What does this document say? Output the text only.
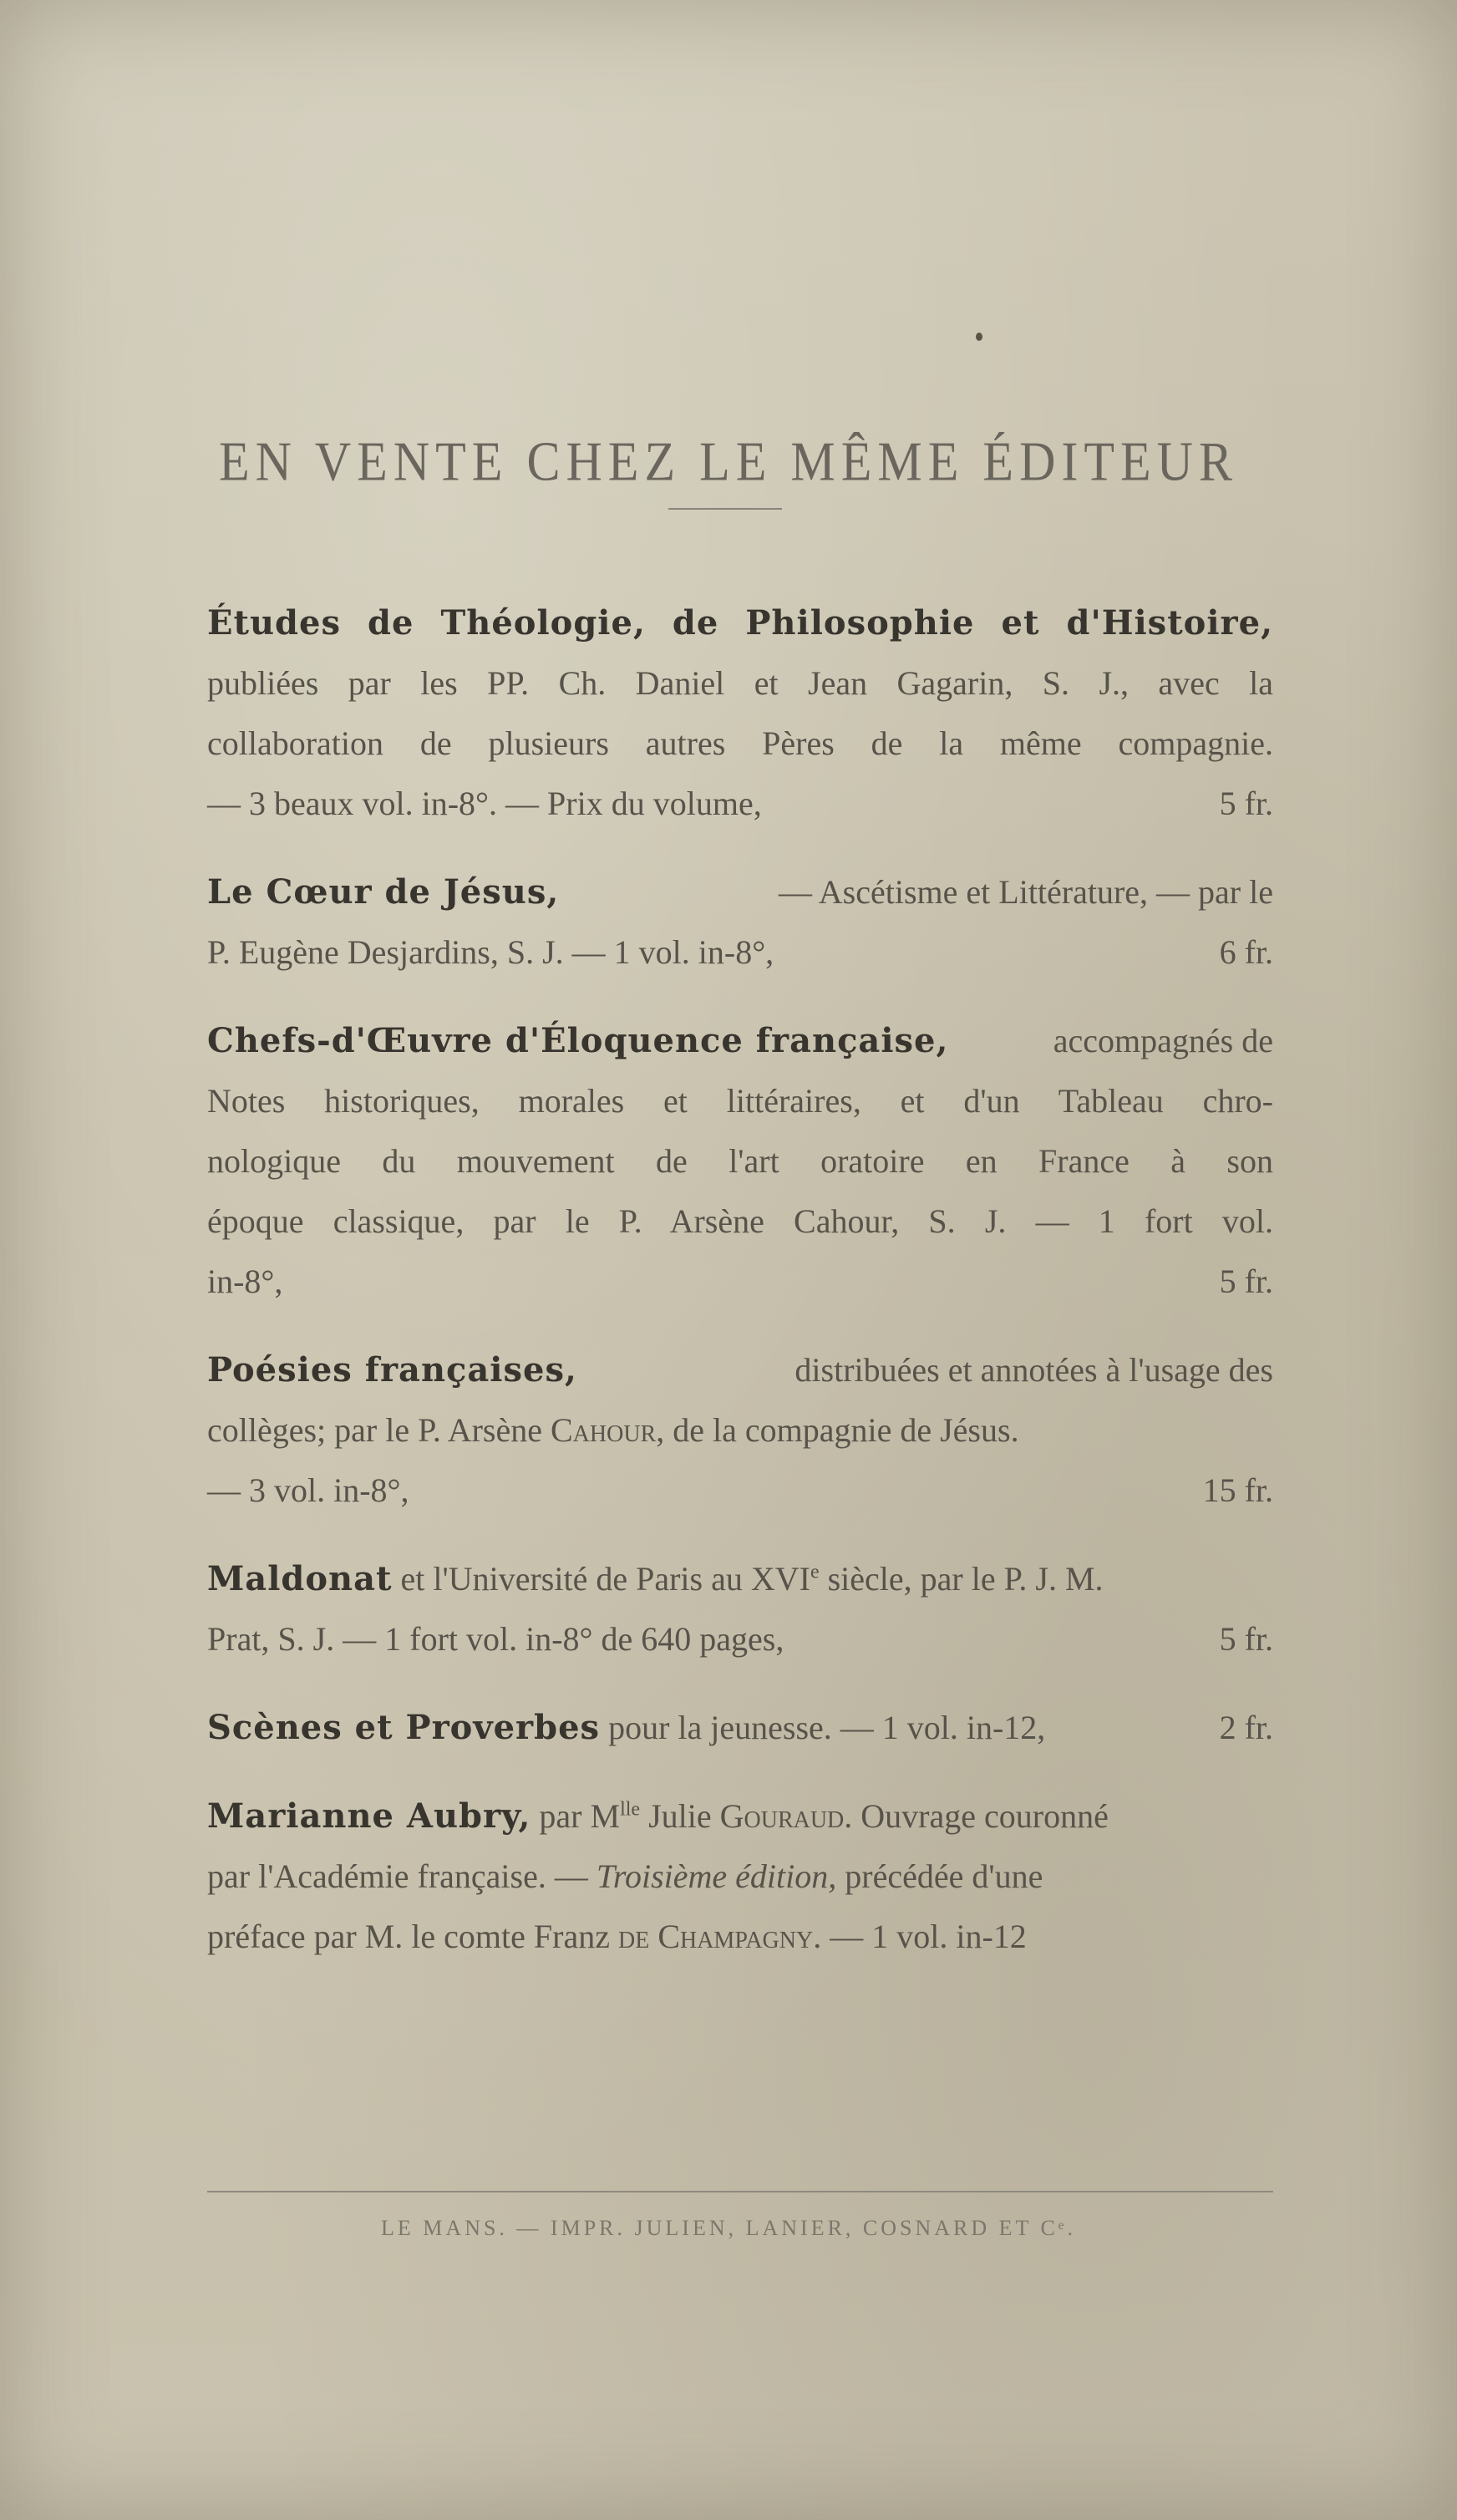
EN VENTE CHEZ LE MÊME ÉDITEUR

Études de Théologie, de Philosophie et d'Histoire,

publiées par les PP. Ch. Daniel et Jean Gagarin, S. J., avec la

collaboration de plusieurs autres Pères de la même compagnie.

— 3 beaux vol. in-8°. — Prix du volume,	5 fr.

Le Cœur de Jésus,	— Ascétisme et Littérature, — par le

P. Eugène Desjardins, S. J. — 1 vol. in-8°,	6 fr.

Chefs-d'Œuvre d'Éloquence française,	accompagnés de

Notes historiques, morales et littéraires, et d'un Tableau chro-

nologique du mouvement de l'art oratoire en France à son

époque classique, par le P. Arsène Cahour, S. J. — 1 fort vol.

in-8°,	5 fr.

Poésies françaises,	distribuées et annotées à l'usage des

collèges; par le P. Arsène Cahour, de la compagnie de Jésus.

— 3 vol. in-8°,	15 fr.

Maldonat et l'Université de Paris au XVIe siècle, par le P. J. M.

Prat, S. J. — 1 fort vol. in-8° de 640 pages,	5 fr.

Scènes et Proverbes pour la jeunesse. — 1 vol. in-12,	2 fr.

Marianne Aubry, par $M^{lle}$ Julie Gouraud. Ouvrage couronné

par l'Académie française. — Troisième édition, précédée d'une

préface par M. le comte Franz de Champagny. — 1 vol. in-12

LE MANS. — IMPR. JULIEN, LANIER, COSNARD ET Cᵉ.
